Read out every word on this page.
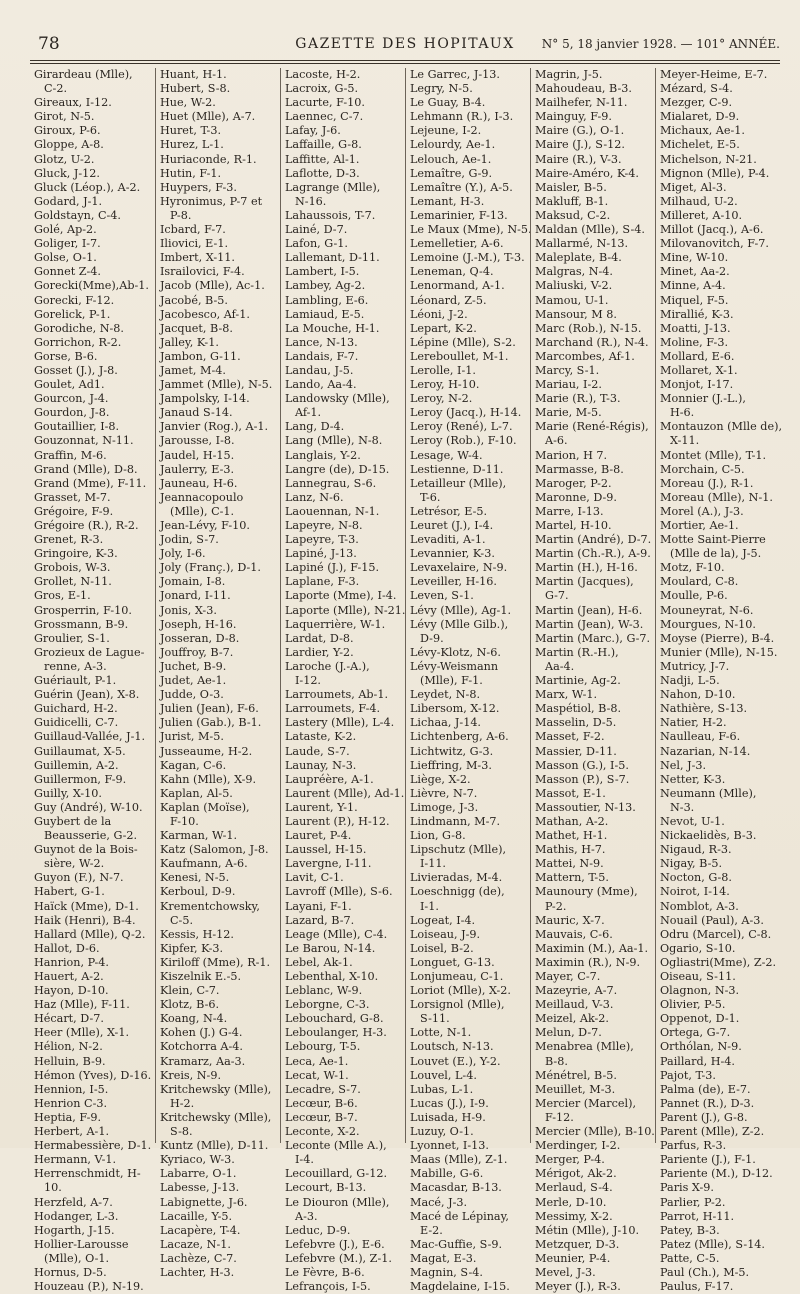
78	GAZETTE DES HOPITAUX	N° 5, 18 janvier 1928. — 101° ANNÉE.
Girardeau (Mlle),
C-2.
Gireaux, I-12.
Girot, N-5.
Giroux, P-6.
Gloppe, A-8.
Glotz, U-2.
Gluck, J-12.
Gluck (Léop.), A-2.
Godard, J-1.
Goldstayn, C-4.
Golé, Ap-2.
Goliger, I-7.
Golse, O-1.
Gonnet Z-4.
Gorecki(Mme),Ab-1.
Gorecki, F-12.
Gorelick, P-1.
Gorodiche, N-8.
Gorrichon, R-2.
Gorse, B-6.
Gosset (J.), J-8.
Goulet, Ad1.
Gourcon, J-4.
Gourdon, J-8.
Goutaillier, I-8.
Gouzonnat, N-11.
Graffin, M-6.
Grand (Mlle), D-8.
Grand (Mme), F-11.
Grasset, M-7.
Grégoire, F-9.
Grégoire (R.), R-2.
Grenet, R-3.
Gringoire, K-3.
Grobois, W-3.
Grollet, N-11.
Gros, E-1.
Grosperrin, F-10.
Grossmann, B-9.
Groulier, S-1.
Grozieux de Lague-
renne, A-3.
Guériault, P-1.
Guérin (Jean), X-8.
Guichard, H-2.
Guidicelli, C-7.
Guillaud-Vallée, J-1.
Guillaumat, X-5.
Guillemin, A-2.
Guillermon, F-9.
Guilly, X-10.
Guy (André), W-10.
Guybert de la
Beausserie, G-2.
Guynot de la Bois-
sière, W-2.
Guyon (F.), N-7.
Habert, G-1.
Haïck (Mme), D-1.
Haik (Henri), B-4.
Hallard (Mlle), Q-2.
Hallot, D-6.
Hanrion, P-4.
Hauert, A-2.
Hayon, D-10.
Haz (Mlle), F-11.
Hécart, D-7.
Heer (Mlle), X-1.
Hélion, N-2.
Helluin, B-9.
Hémon (Yves), D-16.
Hennion, I-5.
Henrion C-3.
Heptia, F-9.
Herbert, A-1.
Hermabessière, D-1.
Hermann, V-1.
Herrenschmidt, H-
10.
Herzfeld, A-7.
Hodanger, L-3.
Hogarth, J-15.
Hollier-Larousse
(Mlle), O-1.
Hornus, D-5.
Houzeau (P.), N-19.
Huant, H-1.
Hubert, S-8.
Hue, W-2.
Huet (Mlle), A-7.
Huret, T-3.
Hurez, L-1.
Huriaconde, R-1.
Hutin, F-1.
Huypers, F-3.
Hyronimus, P-7 et
P-8.
Icbard, F-7.
Iliovici, E-1.
Imbert, X-11.
Israilovici, F-4.
Jacob (Mlle), Ac-1.
Jacobé, B-5.
Jacobesco, Af-1.
Jacquet, B-8.
Jalley, K-1.
Jambon, G-11.
Jamet, M-4.
Jammet (Mlle), N-5.
Jampolsky, I-14.
Janaud S-14.
Janvier (Rog.), A-1.
Jarousse, I-8.
Jaudel, H-15.
Jaulerry, E-3.
Jauneau, H-6.
Jeannacopoulo
(Mlle), C-1.
Jean-Lévy, F-10.
Jodin, S-7.
Joly, I-6.
Joly (Franç.), D-1.
Jomain, I-8.
Jonard, I-11.
Jonis, X-3.
Joseph, H-16.
Josseran, D-8.
Jouffroy, B-7.
Juchet, B-9.
Judet, Ae-1.
Judde, O-3.
Julien (Jean), F-6.
Julien (Gab.), B-1.
Jurist, M-5.
Jusseaume, H-2.
Kagan, C-6.
Kahn (Mlle), X-9.
Kaplan, Al-5.
Kaplan (Moïse),
F-10.
Karman, W-1.
Katz (Salomon, J-8.
Kaufmann, A-6.
Kenesi, N-5.
Kerboul, D-9.
Krementchowsky,
C-5.
Kessis, H-12.
Kipfer, K-3.
Kiriloff (Mme), R-1.
Kiszelnik E.-5.
Klein, C-7.
Klotz, B-6.
Koang, N-4.
Kohen (J.) G-4.
Kotchorra A-4.
Kramarz, Aa-3.
Kreis, N-9.
Kritchewsky (Mlle),
H-2.
Kritchewsky (Mlle),
S-8.
Kuntz (Mlle), D-11.
Kyriaco, W-3.
Labarre, O-1.
Labesse, J-13.
Labignette, J-6.
Lacaille, Y-5.
Lacapère, T-4.
Lacaze, N-1.
Lachèze, C-7.
Lachter, H-3.
Lacoste, H-2.
Lacroix, G-5.
Lacurte, F-10.
Laennec, C-7.
Lafay, J-6.
Laffaille, G-8.
Laffitte, Al-1.
Laflotte, D-3.
Lagrange (Mlle),
N-16.
Lahaussois, T-7.
Lainé, D-7.
Lafon, G-1.
Lallemant, D-11.
Lambert, I-5.
Lambey, Ag-2.
Lambling, E-6.
Lamiaud, E-5.
La Mouche, H-1.
Lance, N-13.
Landais, F-7.
Landau, J-5.
Lando, Aa-4.
Landowsky (Mlle),
Af-1.
Lang, D-4.
Lang (Mlle), N-8.
Langlais, Y-2.
Langre (de), D-15.
Lannegrau, S-6.
Lanz, N-6.
Laouennan, N-1.
Lapeyre, N-8.
Lapeyre, T-3.
Lapiné, J-13.
Lapiné (J.), F-15.
Laplane, F-3.
Laporte (Mme), I-4.
Laporte (Mlle), N-21.
Laquerrière, W-1.
Lardat, D-8.
Lardier, Y-2.
Laroche (J.-A.),
I-12.
Larroumets, Ab-1.
Larroumets, F-4.
Lastery (Mlle), L-4.
Lataste, K-2.
Laude, S-7.
Launay, N-3.
Laupréère, A-1.
Laurent (Mlle), Ad-1.
Laurent, Y-1.
Laurent (P.), H-12.
Lauret, P-4.
Laussel, H-15.
Lavergne, I-11.
Lavit, C-1.
Lavroff (Mlle), S-6.
Layani, F-1.
Lazard, B-7.
Leage (Mlle), C-4.
Le Barou, N-14.
Lebel, Ak-1.
Lebenthal, X-10.
Leblanc, W-9.
Leborgne, C-3.
Lebouchard, G-8.
Leboulanger, H-3.
Lebourg, T-5.
Leca, Ae-1.
Lecat, W-1.
Lecadre, S-7.
Lecœur, B-6.
Lecœur, B-7.
Leconte, X-2.
Leconte (Mlle A.),
I-4.
Lecouillard, G-12.
Lecourt, B-13.
Le Diouron (Mlle),
A-3.
Leduc, D-9.
Lefebvre (J.), E-6.
Lefebvre (M.), Z-1.
Le Fèvre, B-6.
Lefrançois, I-5.
Le Garrec, J-13.
Legry, N-5.
Le Guay, B-4.
Lehmann (R.), I-3.
Lejeune, I-2.
Lelourdy, Ae-1.
Lelouch, Ae-1.
Lemaître, G-9.
Lemaître (Y.), A-5.
Lemant, H-3.
Lemarinier, F-13.
Le Maux (Mme), N-5.
Lemelletier, A-6.
Lemoine (J.-M.), T-3.
Leneman, Q-4.
Lenormand, A-1.
Léonard, Z-5.
Léoni, J-2.
Lepart, K-2.
Lépine (Mlle), S-2.
Lereboullet, M-1.
Lerolle, I-1.
Leroy, H-10.
Leroy, N-2.
Leroy (Jacq.), H-14.
Leroy (René), L-7.
Leroy (Rob.), F-10.
Lesage, W-4.
Lestienne, D-11.
Letailleur (Mlle),
T-6.
Letrésor, E-5.
Leuret (J.), I-4.
Levaditi, A-1.
Levannier, K-3.
Levaxelaire, N-9.
Leveiller, H-16.
Leven, S-1.
Lévy (Mlle), Ag-1.
Lévy (Mlle Gilb.),
D-9.
Lévy-Klotz, N-6.
Lévy-Weismann
(Mlle), F-1.
Leydet, N-8.
Libersom, X-12.
Lichaa, J-14.
Lichtenberg, A-6.
Lichtwitz, G-3.
Lieffring, M-3.
Liège, X-2.
Lièvre, N-7.
Limoge, J-3.
Lindmann, M-7.
Lion, G-8.
Lipschutz (Mlle),
I-11.
Livieradas, M-4.
Loeschnigg (de),
I-1.
Logeat, I-4.
Loiseau, J-9.
Loisel, B-2.
Longuet, G-13.
Lonjumeau, C-1.
Loriot (Mlle), X-2.
Lorsignol (Mlle),
S-11.
Lotte, N-1.
Loutsch, N-13.
Louvet (E.), Y-2.
Louvel, L-4.
Lubas, L-1.
Lucas (J.), I-9.
Luisada, H-9.
Luzuy, O-1.
Lyonnet, I-13.
Maas (Mlle), Z-1.
Mabille, G-6.
Macasdar, B-13.
Macé, J-3.
Macé de Lépinay,
E-2.
Mac-Guffie, S-9.
Magat, E-3.
Magnin, S-4.
Magdelaine, I-15.
Magrin, J-5.
Mahoudeau, B-3.
Mailhefer, N-11.
Mainguy, F-9.
Maire (G.), O-1.
Maire (J.), S-12.
Maire (R.), V-3.
Maire-Améro, K-4.
Maisler, B-5.
Makluff, B-1.
Maksud, C-2.
Maldan (Mlle), S-4.
Mallarmé, N-13.
Maleplate, B-4.
Malgras, N-4.
Maliuski, V-2.
Mamou, U-1.
Mansour, M 8.
Marc (Rob.), N-15.
Marchand (R.), N-4.
Marcombes, Af-1.
Marcy, S-1.
Mariau, I-2.
Marie (R.), T-3.
Marie, M-5.
Marie (René-Régis),
A-6.
Marion, H 7.
Marmasse, B-8.
Maroger, P-2.
Maronne, D-9.
Marre, I-13.
Martel, H-10.
Martin (André), D-7.
Martin (Ch.-R.), A-9.
Martin (H.), H-16.
Martin (Jacques),
G-7.
Martin (Jean), H-6.
Martin (Jean), W-3.
Martin (Marc.), G-7.
Martin (R.-H.),
Aa-4.
Martinie, Ag-2.
Marx, W-1.
Maspétiol, B-8.
Masselin, D-5.
Masset, F-2.
Massier, D-11.
Masson (G.), I-5.
Masson (P.), S-7.
Massot, E-1.
Massoutier, N-13.
Mathan, A-2.
Mathet, H-1.
Mathis, H-7.
Mattei, N-9.
Mattern, T-5.
Maunoury (Mme),
P-2.
Mauric, X-7.
Mauvais, C-6.
Maximin (M.), Aa-1.
Maximin (R.), N-9.
Mayer, C-7.
Mazeyrie, A-7.
Meillaud, V-3.
Meizel, Ak-2.
Melun, D-7.
Menabrea (Mlle),
B-8.
Ménétrel, B-5.
Meuillet, M-3.
Mercier (Marcel),
F-12.
Mercier (Mlle), B-10.
Merdinger, I-2.
Merger, P-4.
Mérigot, Ak-2.
Merlaud, S-4.
Merle, D-10.
Messimy, X-2.
Métin (Mlle), J-10.
Metzquer, D-3.
Meunier, P-4.
Mevel, J-3.
Meyer (J.), R-3.
Meyer-Heime, E-7.
Mézard, S-4.
Mezger, C-9.
Mialaret, D-9.
Michaux, Ae-1.
Michelet, E-5.
Michelson, N-21.
Mignon (Mlle), P-4.
Miget, Al-3.
Milhaud, U-2.
Milleret, A-10.
Millot (Jacq.), A-6.
Milovanovitch, F-7.
Mine, W-10.
Minet, Aa-2.
Minne, A-4.
Miquel, F-5.
Mirallié, K-3.
Moatti, J-13.
Moline, F-3.
Mollard, E-6.
Mollaret, X-1.
Monjot, I-17.
Monnier (J.-L.),
H-6.
Montauzon (Mlle de),
X-11.
Montet (Mlle), T-1.
Morchain, C-5.
Moreau (J.), R-1.
Moreau (Mlle), N-1.
Morel (A.), J-3.
Mortier, Ae-1.
Motte Saint-Pierre
(Mlle de la), J-5.
Motz, F-10.
Moulard, C-8.
Moulle, P-6.
Mouneyrat, N-6.
Mourgues, N-10.
Moyse (Pierre), B-4.
Munier (Mlle), N-15.
Mutricy, J-7.
Nadji, L-5.
Nahon, D-10.
Nathière, S-13.
Natier, H-2.
Naulleau, F-6.
Nazarian, N-14.
Nel, J-3.
Netter, K-3.
Neumann (Mlle),
N-3.
Nevot, U-1.
Nickaelidès, B-3.
Nigaud, R-3.
Nigay, B-5.
Nocton, G-8.
Noirot, I-14.
Nomblot, A-3.
Nouail (Paul), A-3.
Odru (Marcel), C-8.
Ogario, S-10.
Ogliastri(Mme), Z-2.
Oiseau, S-11.
Olagnon, N-3.
Olivier, P-5.
Oppenot, D-1.
Ortega, G-7.
Orthólan, N-9.
Paillard, H-4.
Pajot, T-3.
Palma (de), E-7.
Pannet (R.), D-3.
Parent (J.), G-8.
Parent (Mlle), Z-2.
Parfus, R-3.
Pariente (J.), F-1.
Pariente (M.), D-12.
Paris X-9.
Parlier, P-2.
Parrot, H-11.
Patey, B-3.
Patez (Mlle), S-14.
Patte, C-5.
Paul (Ch.), M-5.
Paulus, F-17.
